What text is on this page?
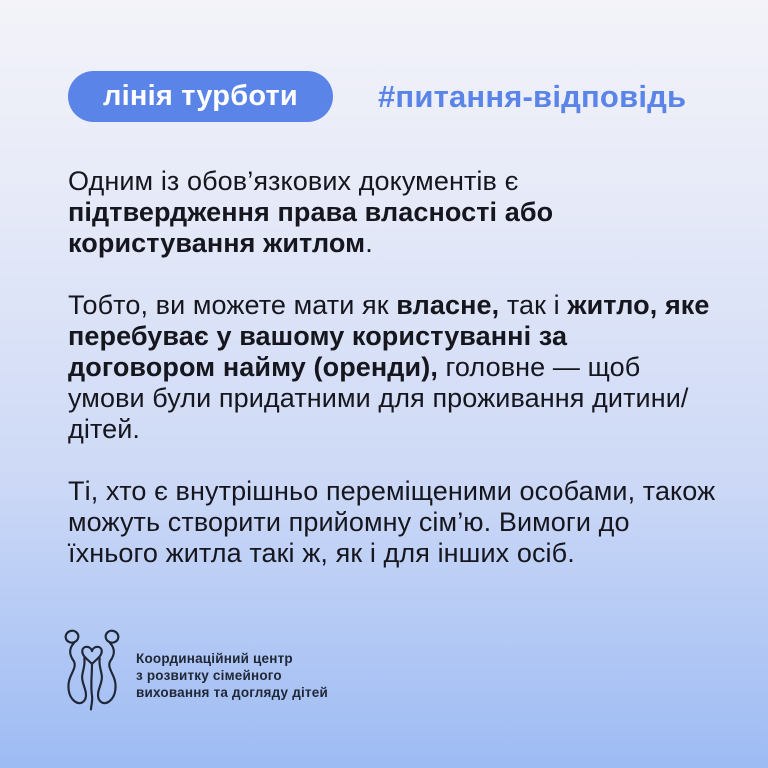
лінія турботи	#питання-відповідь

Одним із обов’язкових документів є підтвердження права власності або користування житлом.

Тобто, ви можете мати як власне, так і житло, яке перебуває у вашому користуванні за договором найму (оренди), головне — щоб умови були придатними для проживання дитини/дітей.

Ті, хто є внутрішньо переміщеними особами, також можуть створити прийомну сім’ю. Вимоги до їхнього житла такі ж, як і для інших осіб.

Координаційний центр
з розвитку сімейного
виховання та догляду дітей
